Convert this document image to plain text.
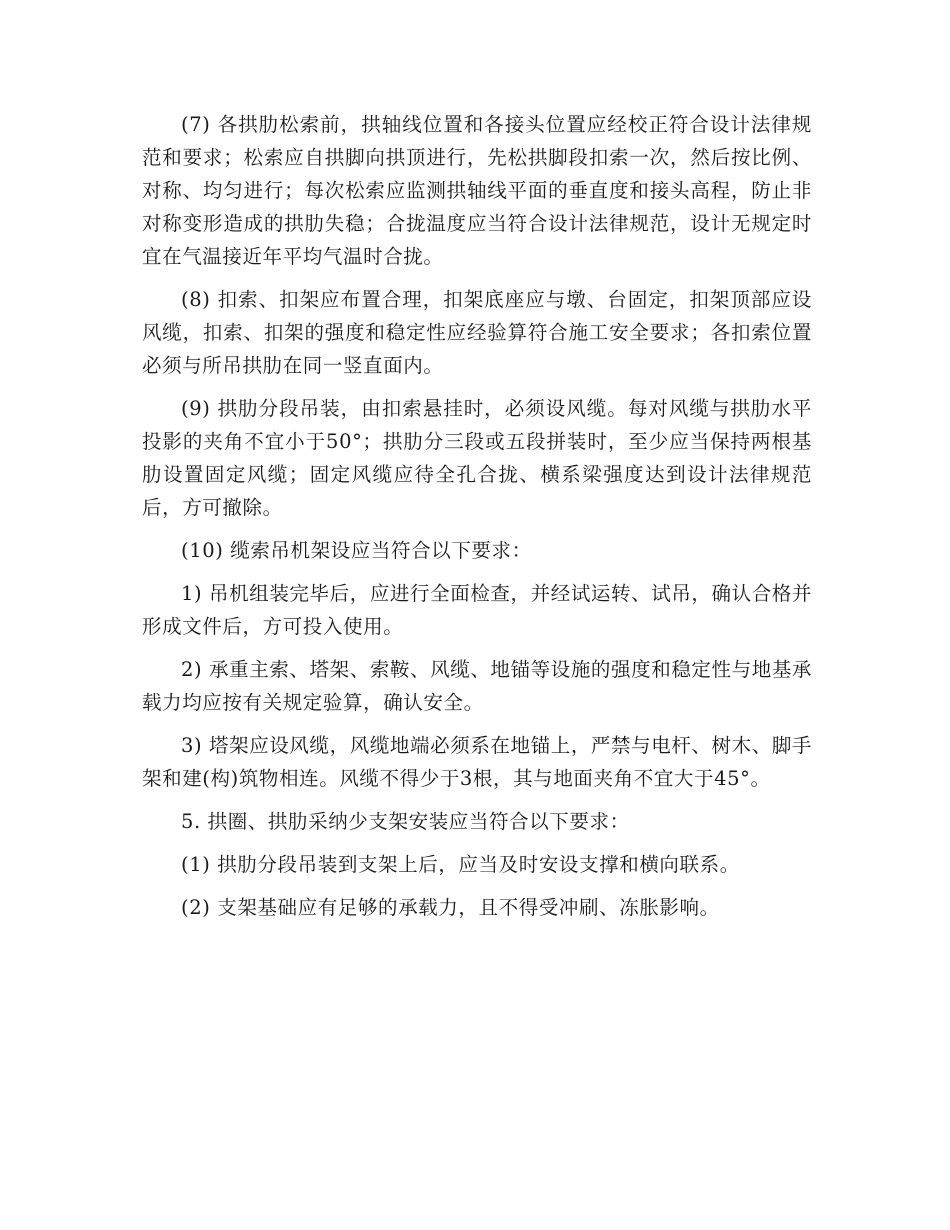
(7) 各拱肋松索前，拱轴线位置和各接头位置应经校正符合设计法律规范和要求；松索应自拱脚向拱顶进行，先松拱脚段扣索一次，然后按比例、对称、均匀进行；每次松索应监测拱轴线平面的垂直度和接头高程，防止非对称变形造成的拱肋失稳；合拢温度应当符合设计法律规范，设计无规定时宜在气温接近年平均气温时合拢。

(8) 扣索、扣架应布置合理，扣架底座应与墩、台固定，扣架顶部应设风缆，扣索、扣架的强度和稳定性应经验算符合施工安全要求；各扣索位置必须与所吊拱肋在同一竖直面内。

(9) 拱肋分段吊装，由扣索悬挂时，必须设风缆。每对风缆与拱肋水平投影的夹角不宜小于50°；拱肋分三段或五段拼装时，至少应当保持两根基肋设置固定风缆；固定风缆应待全孔合拢、横系梁强度达到设计法律规范后，方可撤除。

(10) 缆索吊机架设应当符合以下要求：

1) 吊机组装完毕后，应进行全面检查，并经试运转、试吊，确认合格并形成文件后，方可投入使用。

2) 承重主索、塔架、索鞍、风缆、地锚等设施的强度和稳定性与地基承载力均应按有关规定验算，确认安全。

3) 塔架应设风缆，风缆地端必须系在地锚上，严禁与电杆、树木、脚手架和建(构)筑物相连。风缆不得少于3根，其与地面夹角不宜大于45°。

5. 拱圈、拱肋采纳少支架安装应当符合以下要求：

(1) 拱肋分段吊装到支架上后，应当及时安设支撑和横向联系。

(2) 支架基础应有足够的承载力，且不得受冲刷、冻胀影响。
